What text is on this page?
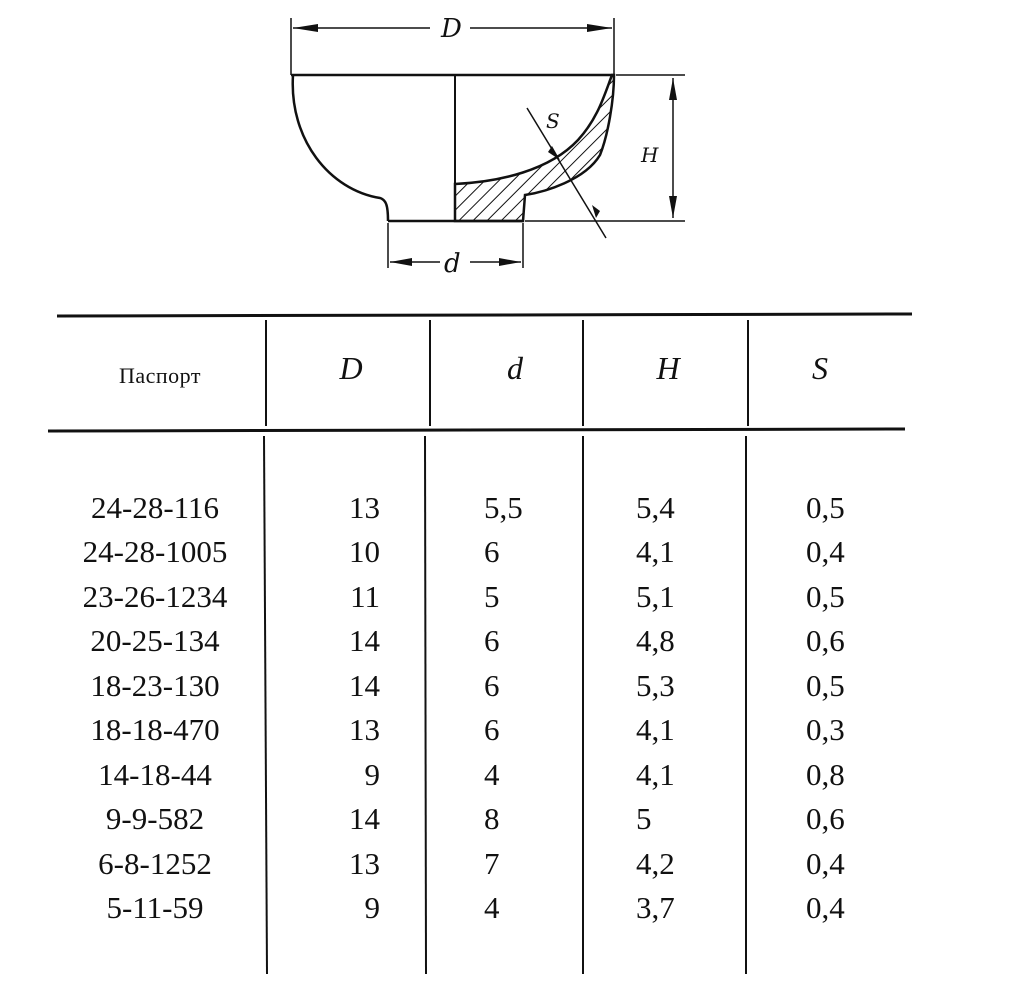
D
H
S
d
Паспорт	D	d	H	S
24-28-116	13	5,5	5,4	0,5
24-28-1005	10	6	4,1	0,4
23-26-1234	11	5	5,1	0,5
20-25-134	14	6	4,8	0,6
18-23-130	14	6	5,3	0,5
18-18-470	13	6	4,1	0,3
14-18-44	9	4	4,1	0,8
9-9-582	14	8	5	0,6
6-8-1252	13	7	4,2	0,4
5-11-59	9	4	3,7	0,4
